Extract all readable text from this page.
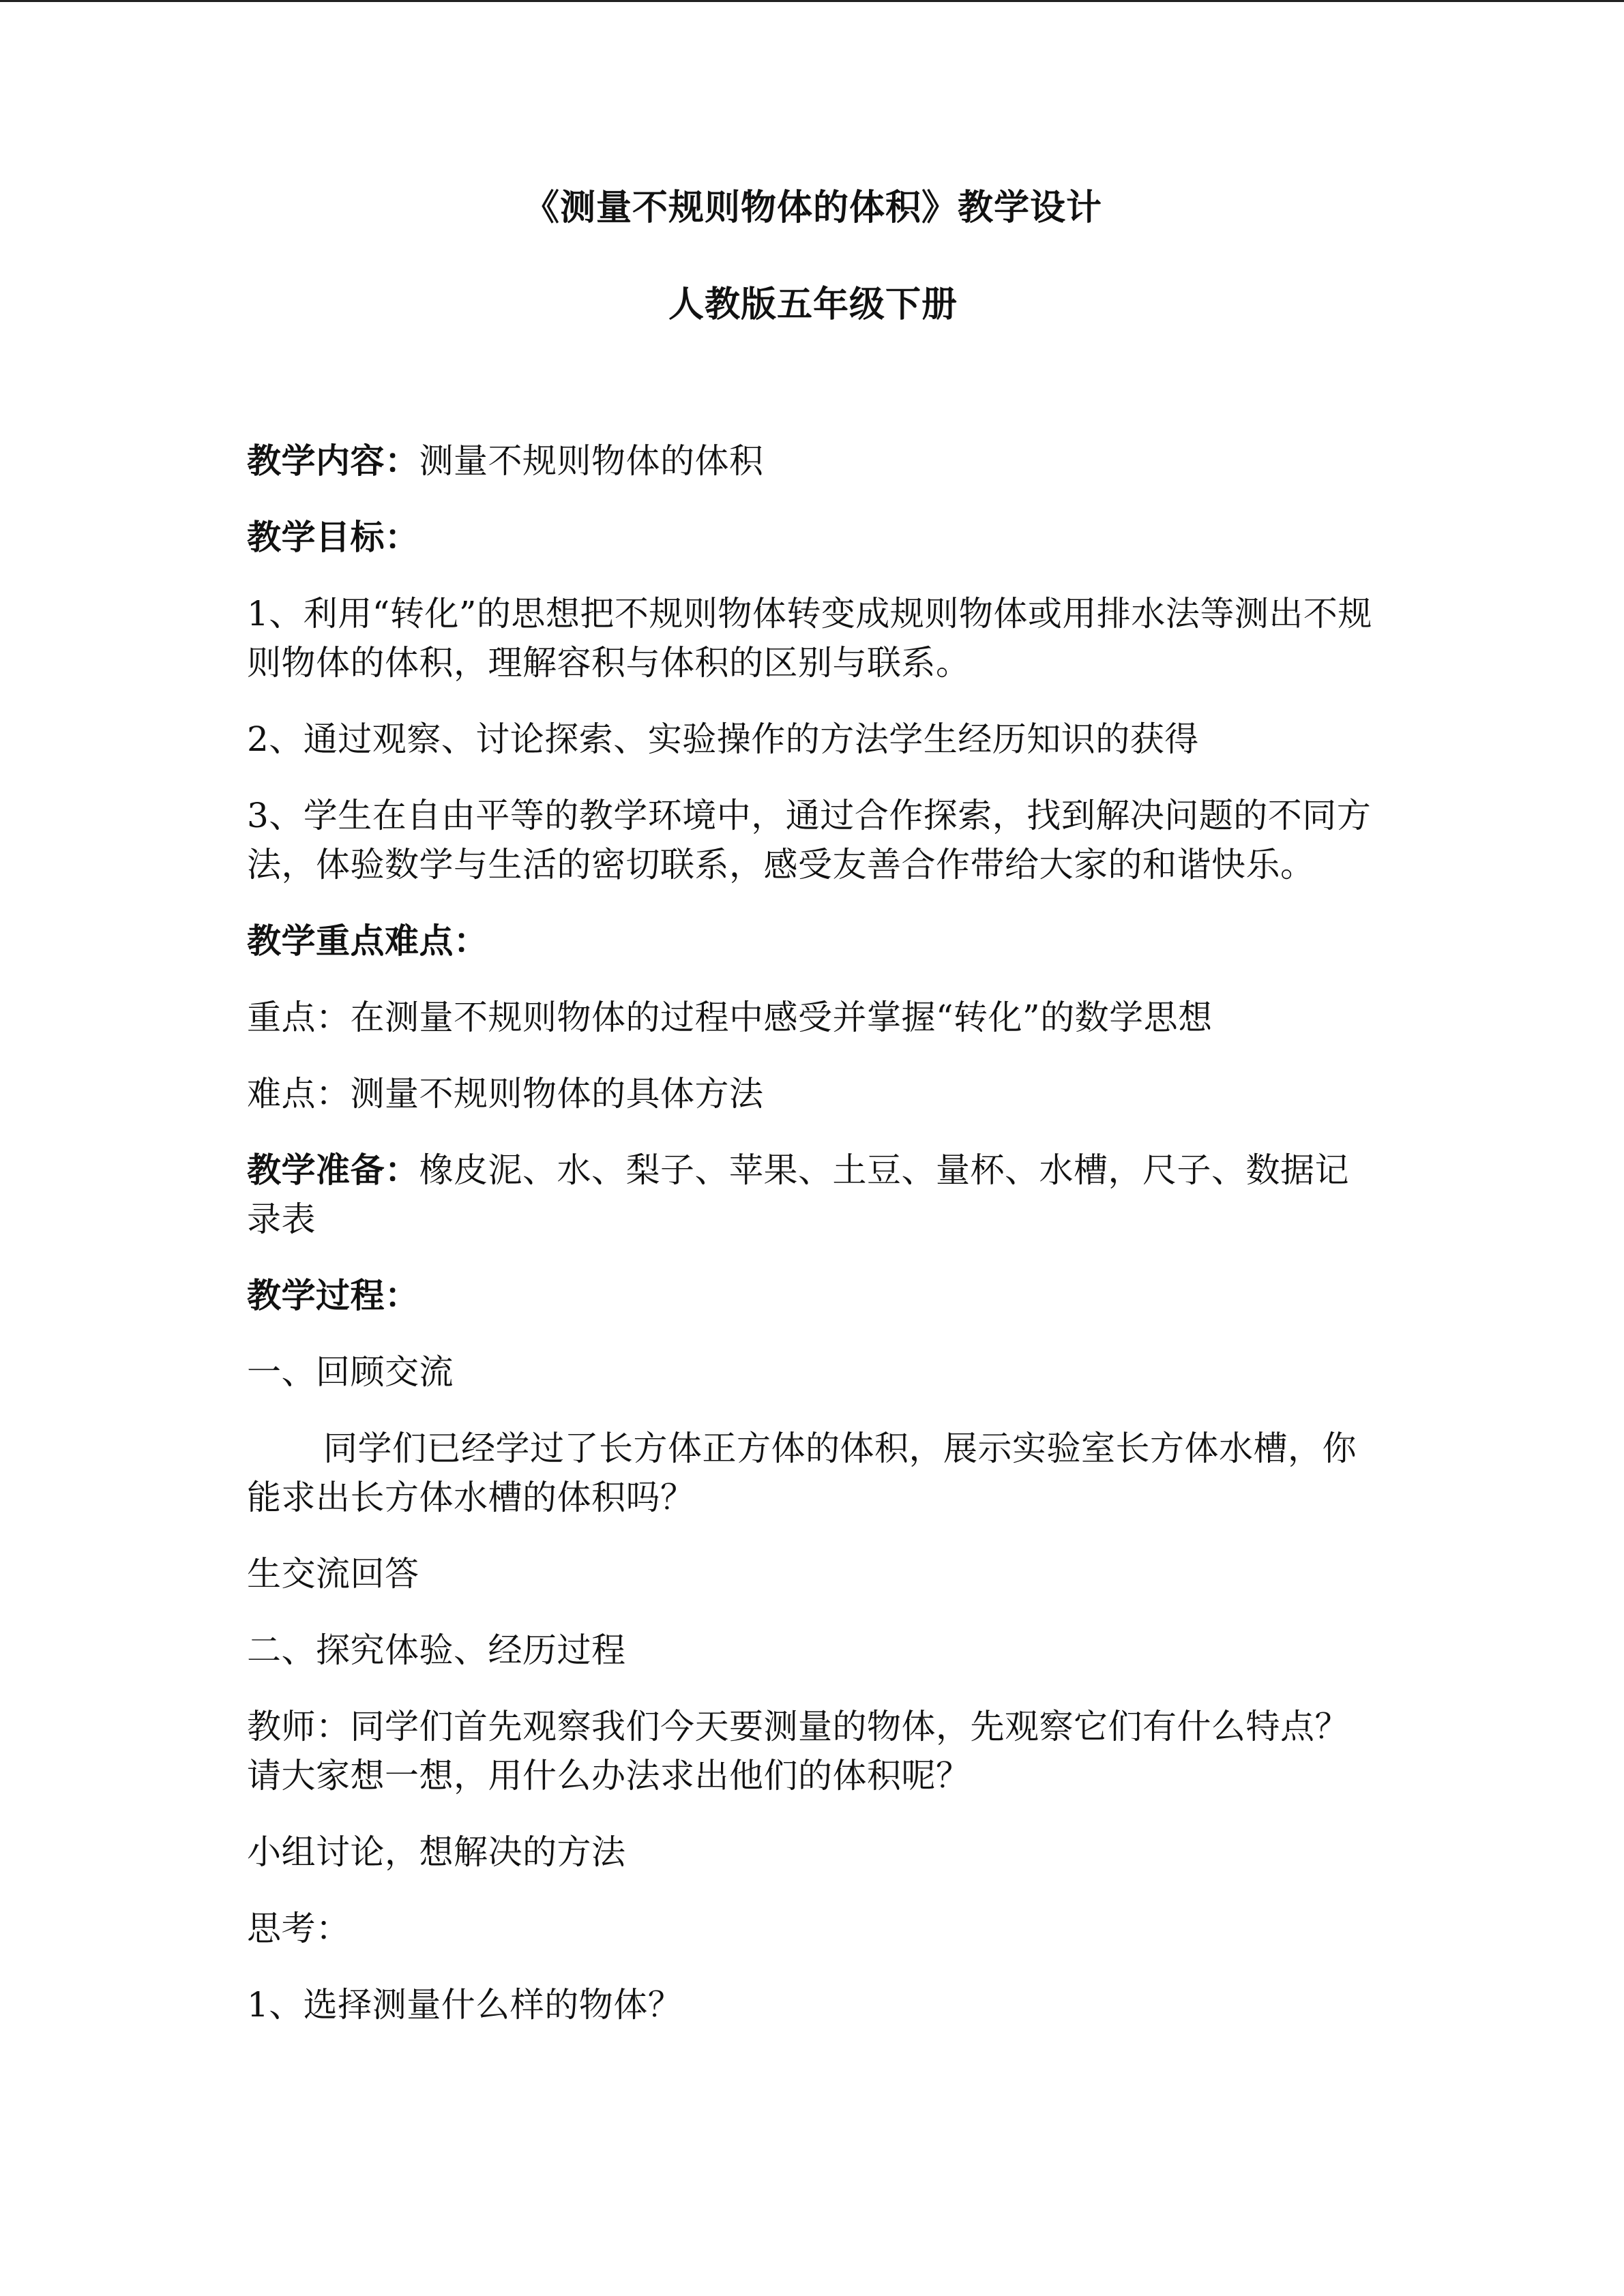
《测量不规则物体的体积》教学设计
人教版五年级下册

教学内容：测量不规则物体的体积

教学目标：

1、利用“转化”的思想把不规则物体转变成规则物体或用排水法等测出不规则物体的体积，理解容积与体积的区别与联系。

2、通过观察、讨论探索、实验操作的方法学生经历知识的获得

3、学生在自由平等的教学环境中，通过合作探索，找到解决问题的不同方法，体验数学与生活的密切联系，感受友善合作带给大家的和谐快乐。

教学重点难点：

重点：在测量不规则物体的过程中感受并掌握“转化”的数学思想

难点：测量不规则物体的具体方法

教学准备：橡皮泥、水、梨子、苹果、土豆、量杯、水槽，尺子、数据记录表

教学过程：

一、回顾交流

同学们已经学过了长方体正方体的体积，展示实验室长方体水槽，你能求出长方体水槽的体积吗？

生交流回答

二、探究体验、经历过程

教师：同学们首先观察我们今天要测量的物体，先观察它们有什么特点？请大家想一想，用什么办法求出他们的体积呢？

小组讨论，想解决的方法

思考：

1、选择测量什么样的物体？
